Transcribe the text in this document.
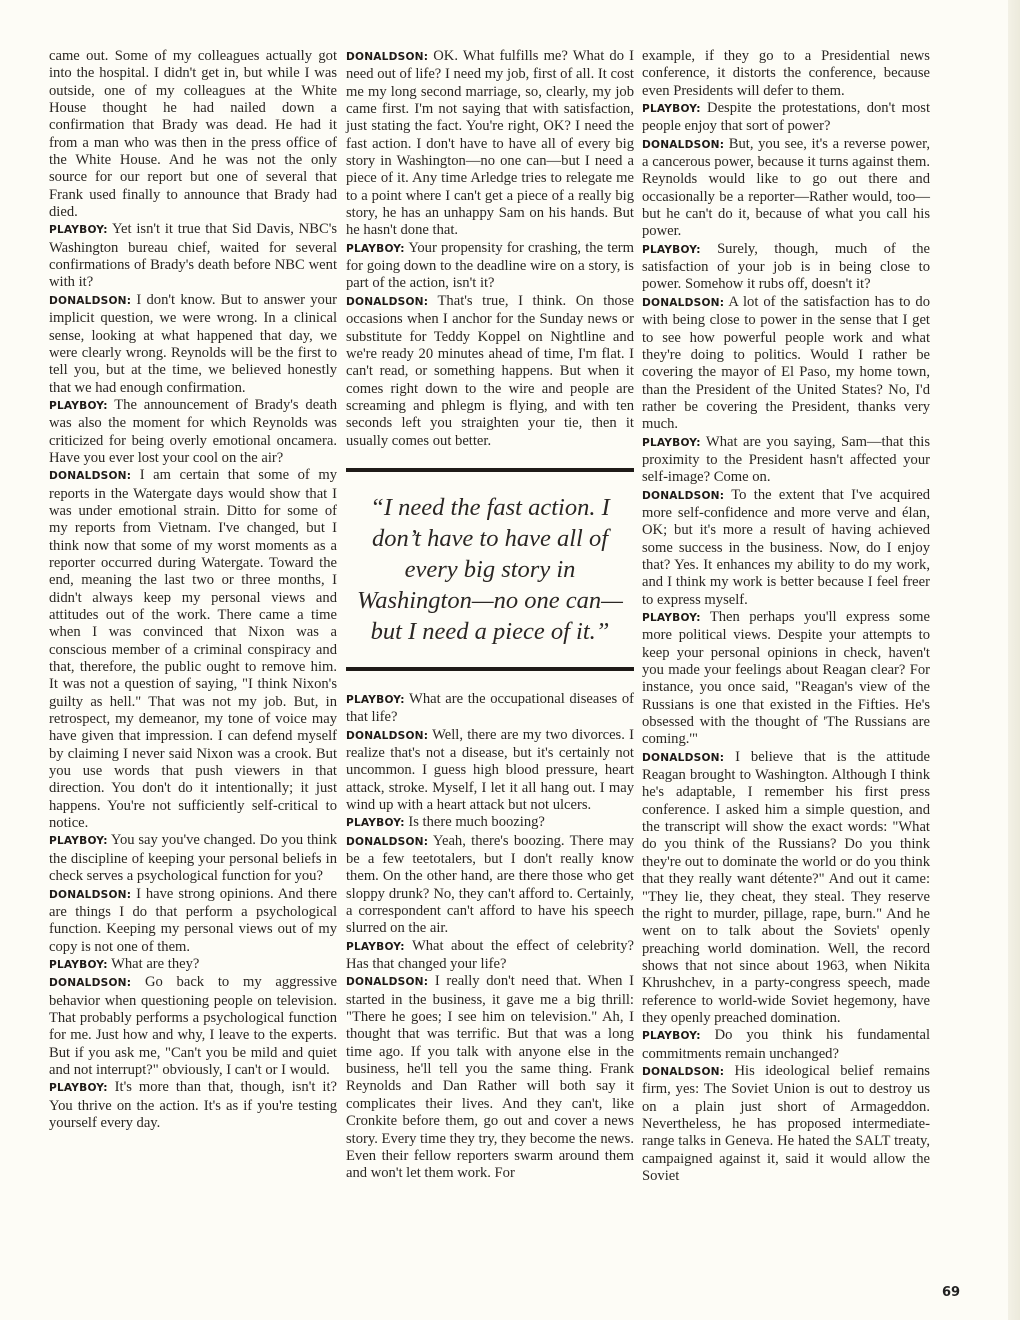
came out. Some of my colleagues actually got into the hospital. I didn't get in, but while I was outside, one of my colleagues at the White House thought he had nailed down a confirmation that Brady was dead. He had it from a man who was then in the press office of the White House. And he was not the only source for our report but one of several that Frank used finally to announce that Brady had died.

PLAYBOY: Yet isn't it true that Sid Davis, NBC's Washington bureau chief, waited for several confirmations of Brady's death before NBC went with it?

DONALDSON: I don't know. But to answer your implicit question, we were wrong. In a clinical sense, looking at what happened that day, we were clearly wrong. Reynolds will be the first to tell you, but at the time, we believed honestly that we had enough confirmation.

PLAYBOY: The announcement of Brady's death was also the moment for which Reynolds was criticized for being overly emotional oncamera. Have you ever lost your cool on the air?

DONALDSON: I am certain that some of my reports in the Watergate days would show that I was under emotional strain. Ditto for some of my reports from Vietnam. I've changed, but I think now that some of my worst moments as a reporter occurred during Watergate. Toward the end, meaning the last two or three months, I didn't always keep my personal views and attitudes out of the work. There came a time when I was convinced that Nixon was a conscious member of a criminal conspiracy and that, therefore, the public ought to remove him. It was not a question of saying, "I think Nixon's guilty as hell." That was not my job. But, in retrospect, my demeanor, my tone of voice may have given that impression. I can defend myself by claiming I never said Nixon was a crook. But you use words that push viewers in that direction. You don't do it intentionally; it just happens. You're not sufficiently self-critical to notice.

PLAYBOY: You say you've changed. Do you think the discipline of keeping your personal beliefs in check serves a psychological function for you?

DONALDSON: I have strong opinions. And there are things I do that perform a psychological function. Keeping my personal views out of my copy is not one of them.

PLAYBOY: What are they?

DONALDSON: Go back to my aggressive behavior when questioning people on television. That probably performs a psychological function for me. Just how and why, I leave to the experts. But if you ask me, "Can't you be mild and quiet and not interrupt?" obviously, I can't or I would.

PLAYBOY: It's more than that, though, isn't it? You thrive on the action. It's as if you're testing yourself every day.

DONALDSON: OK. What fulfills me? What do I need out of life? I need my job, first of all. It cost me my long second marriage, so, clearly, my job came first. I'm not saying that with satisfaction, just stating the fact. You're right, OK? I need the fast action. I don't have to have all of every big story in Washington—no one can—but I need a piece of it. Any time Arledge tries to relegate me to a point where I can't get a piece of a really big story, he has an unhappy Sam on his hands. But he hasn't done that.

PLAYBOY: Your propensity for crashing, the term for going down to the deadline wire on a story, is part of the action, isn't it?

DONALDSON: That's true, I think. On those occasions when I anchor for the Sunday news or substitute for Teddy Koppel on Nightline and we're ready 20 minutes ahead of time, I'm flat. I can't read, or something happens. But when it comes right down to the wire and people are screaming and phlegm is flying, and with ten seconds left you straighten your tie, then it usually comes out better.

“I need the fast action. I don’t have to have all of every big story in Washington—no one can—but I need a piece of it.”

PLAYBOY: What are the occupational diseases of that life?

DONALDSON: Well, there are my two divorces. I realize that's not a disease, but it's certainly not uncommon. I guess high blood pressure, heart attack, stroke. Myself, I let it all hang out. I may wind up with a heart attack but not ulcers.

PLAYBOY: Is there much boozing?

DONALDSON: Yeah, there's boozing. There may be a few teetotalers, but I don't really know them. On the other hand, are there those who get sloppy drunk? No, they can't afford to. Certainly, a correspondent can't afford to have his speech slurred on the air.

PLAYBOY: What about the effect of celebrity? Has that changed your life?

DONALDSON: I really don't need that. When I started in the business, it gave me a big thrill: "There he goes; I see him on television." Ah, I thought that was terrific. But that was a long time ago. If you talk with anyone else in the business, he'll tell you the same thing. Frank Reynolds and Dan Rather will both say it complicates their lives. And they can't, like Cronkite before them, go out and cover a news story. Every time they try, they become the news. Even their fellow reporters swarm around them and won't let them work. For

example, if they go to a Presidential news conference, it distorts the conference, because even Presidents will defer to them.

PLAYBOY: Despite the protestations, don't most people enjoy that sort of power?

DONALDSON: But, you see, it's a reverse power, a cancerous power, because it turns against them. Reynolds would like to go out there and occasionally be a reporter—Rather would, too—but he can't do it, because of what you call his power.

PLAYBOY: Surely, though, much of the satisfaction of your job is in being close to power. Somehow it rubs off, doesn't it?

DONALDSON: A lot of the satisfaction has to do with being close to power in the sense that I get to see how powerful people work and what they're doing to politics. Would I rather be covering the mayor of El Paso, my home town, than the President of the United States? No, I'd rather be covering the President, thanks very much.

PLAYBOY: What are you saying, Sam—that this proximity to the President hasn't affected your self-image? Come on.

DONALDSON: To the extent that I've acquired more self-confidence and more verve and élan, OK; but it's more a result of having achieved some success in the business. Now, do I enjoy that? Yes. It enhances my ability to do my work, and I think my work is better because I feel freer to express myself.

PLAYBOY: Then perhaps you'll express some more political views. Despite your attempts to keep your personal opinions in check, haven't you made your feelings about Reagan clear? For instance, you once said, "Reagan's view of the Russians is one that existed in the Fifties. He's obsessed with the thought of 'The Russians are coming.'"

DONALDSON: I believe that is the attitude Reagan brought to Washington. Although I think he's adaptable, I remember his first press conference. I asked him a simple question, and the transcript will show the exact words: "What do you think of the Russians? Do you think they're out to dominate the world or do you think that they really want détente?" And out it came: "They lie, they cheat, they steal. They reserve the right to murder, pillage, rape, burn." And he went on to talk about the Soviets' openly preaching world domination. Well, the record shows that not since about 1963, when Nikita Khrushchev, in a party-congress speech, made reference to world-wide Soviet hegemony, have they openly preached domination.

PLAYBOY: Do you think his fundamental commitments remain unchanged?

DONALDSON: His ideological belief remains firm, yes: The Soviet Union is out to destroy us on a plain just short of Armageddon. Nevertheless, he has proposed intermediate-range talks in Geneva. He hated the SALT treaty, campaigned against it, said it would allow the Soviet

69
